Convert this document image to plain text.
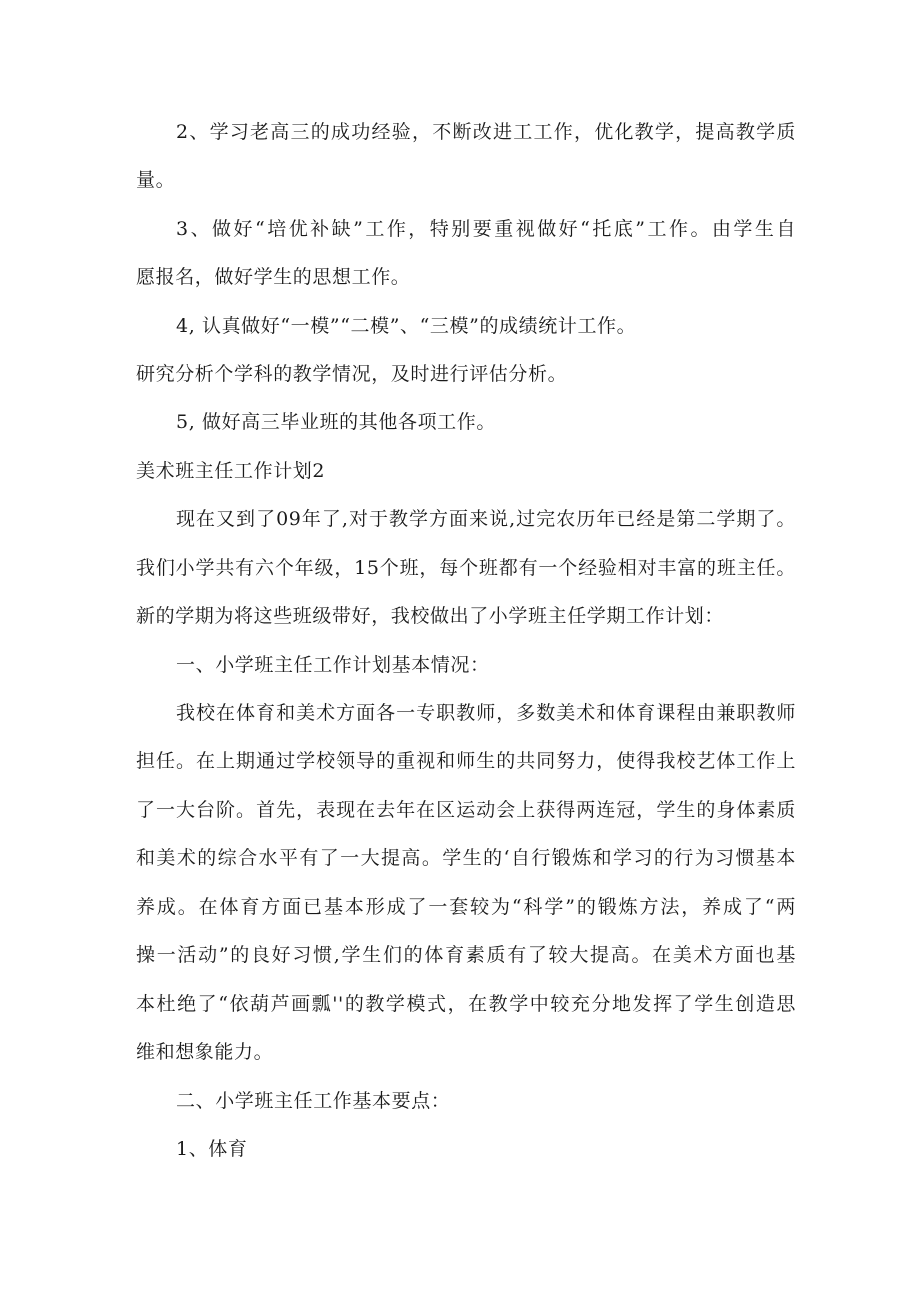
2、学习老高三的成功经验，不断改进工工作，优化教学，提高教学质
量。
3、做好“培优补缺”工作，特别要重视做好“托底”工作。由学生自
愿报名，做好学生的思想工作。
4, 认真做好“一模”“二模”、“三模”的成绩统计工作。
研究分析个学科的教学情况，及时进行评估分析。
5, 做好高三毕业班的其他各项工作。
美术班主任工作计划2
现在又到了09年了,对于教学方面来说,过完农历年已经是第二学期了。
我们小学共有六个年级，15个班，每个班都有一个经验相对丰富的班主任。
新的学期为将这些班级带好，我校做出了小学班主任学期工作计划：
一、小学班主任工作计划基本情况：
我校在体育和美术方面各一专职教师，多数美术和体育课程由兼职教师
担任。在上期通过学校领导的重视和师生的共同努力，使得我校艺体工作上
了一大台阶。首先，表现在去年在区运动会上获得两连冠，学生的身体素质
和美术的综合水平有了一大提高。学生的‘自行锻炼和学习的行为习惯基本
养成。在体育方面已基本形成了一套较为“科学”的锻炼方法，养成了“两
操一活动”的良好习惯,学生们的体育素质有了较大提高。在美术方面也基
本杜绝了“依葫芦画瓢''的教学模式，在教学中较充分地发挥了学生创造思
维和想象能力。
二、小学班主任工作基本要点：
1、体育
